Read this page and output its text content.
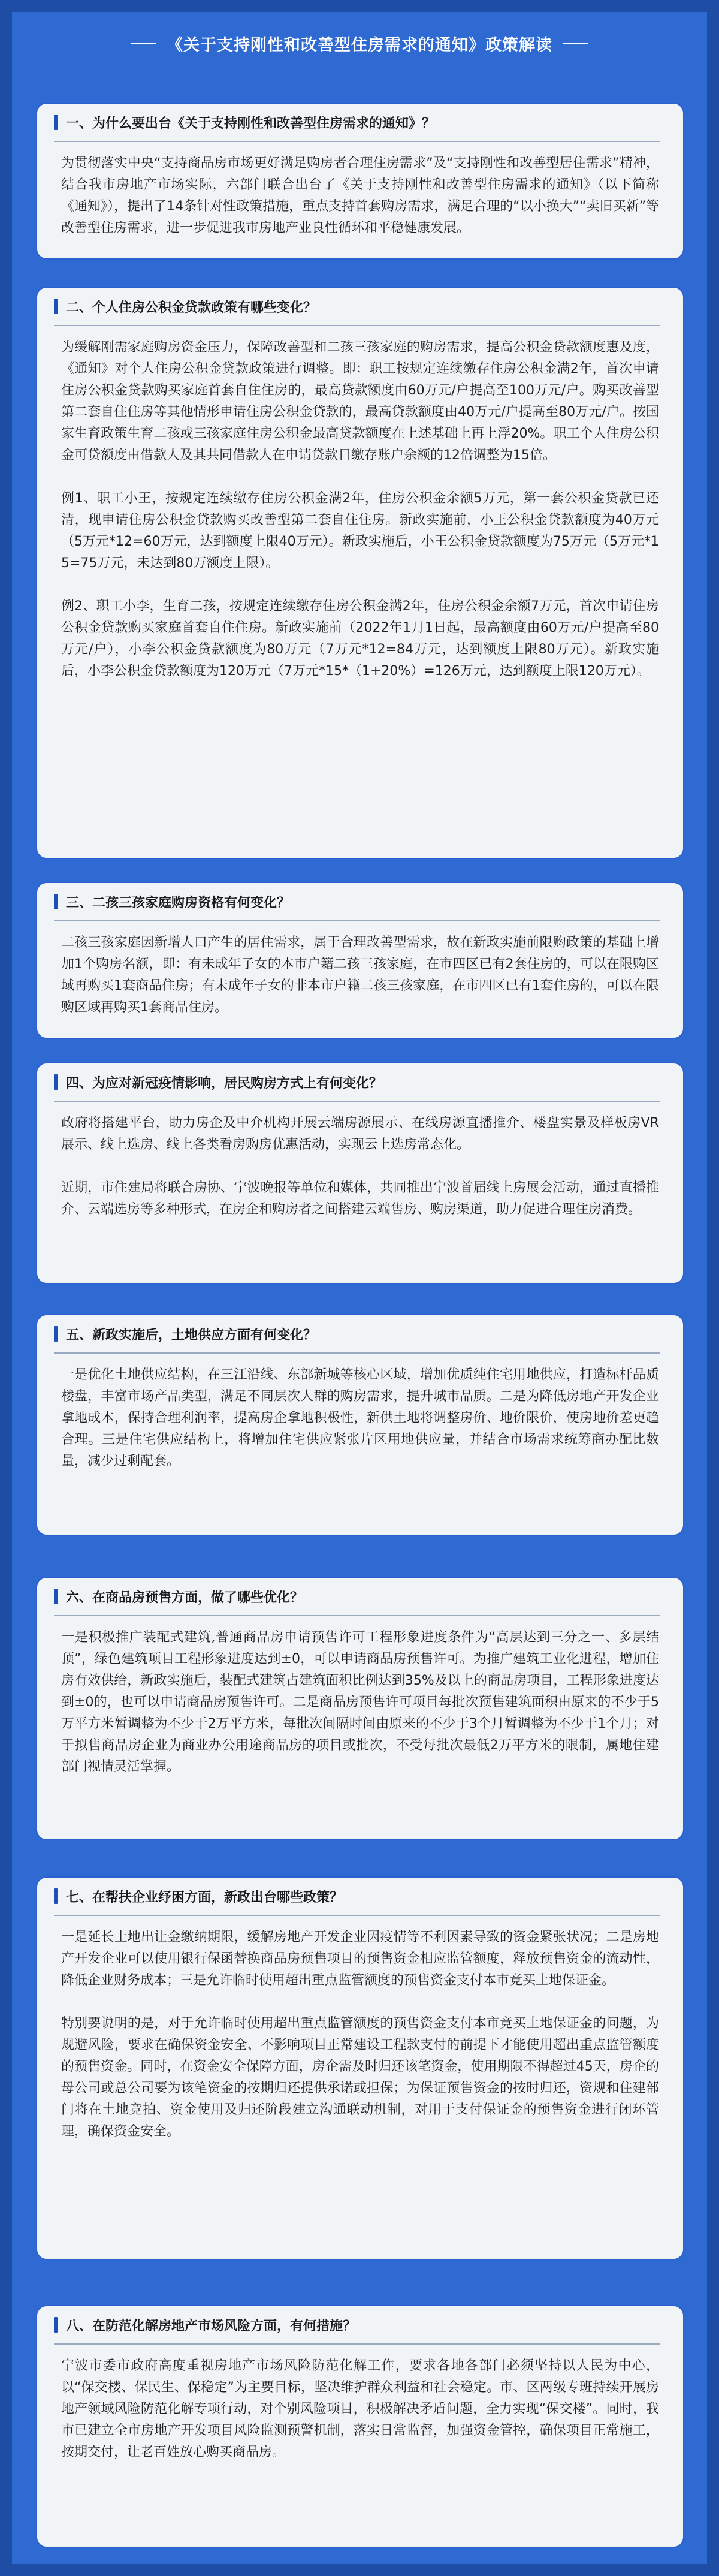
《关于支持刚性和改善型住房需求的通知》政策解读
一、为什么要出台《关于支持刚性和改善型住房需求的通知》？

为贯彻落实中央“支持商品房市场更好满足购房者合理住房需求”及“支持刚性和改善型居住需求”精神，结合我市房地产市场实际，六部门联合出台了《关于支持刚性和改善型住房需求的通知》（以下简称《通知》），提出了14条针对性政策措施，重点支持首套购房需求，满足合理的“以小换大”“卖旧买新”等改善型住房需求，进一步促进我市房地产业良性循环和平稳健康发展。

二、个人住房公积金贷款政策有哪些变化？

为缓解刚需家庭购房资金压力，保障改善型和二孩三孩家庭的购房需求，提高公积金贷款额度惠及度，《通知》对个人住房公积金贷款政策进行调整。即：职工按规定连续缴存住房公积金满2年，首次申请住房公积金贷款购买家庭首套自住住房的，最高贷款额度由60万元/户提高至100万元/户。购买改善型第二套自住住房等其他情形申请住房公积金贷款的，最高贷款额度由40万元/户提高至80万元/户。按国家生育政策生育二孩或三孩家庭住房公积金最高贷款额度在上述基础上再上浮20%。职工个人住房公积金可贷额度由借款人及其共同借款人在申请贷款日缴存账户余额的12倍调整为15倍。

例1、职工小王，按规定连续缴存住房公积金满2年，住房公积金余额5万元，第一套公积金贷款已还清，现申请住房公积金贷款购买改善型第二套自住住房。新政实施前，小王公积金贷款额度为40万元（5万元*12=60万元，达到额度上限40万元）。新政实施后，小王公积金贷款额度为75万元（5万元*15=75万元，未达到80万额度上限）。

例2、职工小李，生育二孩，按规定连续缴存住房公积金满2年，住房公积金余额7万元，首次申请住房公积金贷款购买家庭首套自住住房。新政实施前（2022年1月1日起，最高额度由60万元/户提高至80万元/户），小李公积金贷款额度为80万元（7万元*12=84万元，达到额度上限80万元）。新政实施后，小李公积金贷款额度为120万元（7万元*15*（1+20%）=126万元，达到额度上限120万元）。

三、二孩三孩家庭购房资格有何变化？

二孩三孩家庭因新增人口产生的居住需求，属于合理改善型需求，故在新政实施前限购政策的基础上增加1个购房名额，即：有未成年子女的本市户籍二孩三孩家庭，在市四区已有2套住房的，可以在限购区域再购买1套商品住房；有未成年子女的非本市户籍二孩三孩家庭，在市四区已有1套住房的，可以在限购区域再购买1套商品住房。

四、为应对新冠疫情影响，居民购房方式上有何变化？

政府将搭建平台，助力房企及中介机构开展云端房源展示、在线房源直播推介、楼盘实景及样板房VR展示、线上选房、线上各类看房购房优惠活动，实现云上选房常态化。

近期，市住建局将联合房协、宁波晚报等单位和媒体，共同推出宁波首届线上房展会活动，通过直播推介、云端选房等多种形式，在房企和购房者之间搭建云端售房、购房渠道，助力促进合理住房消费。

五、新政实施后，土地供应方面有何变化？

一是优化土地供应结构，在三江沿线、东部新城等核心区域，增加优质纯住宅用地供应，打造标杆品质楼盘，丰富市场产品类型，满足不同层次人群的购房需求，提升城市品质。二是为降低房地产开发企业拿地成本，保持合理利润率，提高房企拿地积极性，新供土地将调整房价、地价限价，使房地价差更趋合理。三是住宅供应结构上，将增加住宅供应紧张片区用地供应量，并结合市场需求统筹商办配比数量，减少过剩配套。

六、在商品房预售方面，做了哪些优化？

一是积极推广装配式建筑,普通商品房申请预售许可工程形象进度条件为“高层达到三分之一、多层结顶”，绿色建筑项目工程形象进度达到±0，可以申请商品房预售许可。为推广建筑工业化进程，增加住房有效供给，新政实施后，装配式建筑占建筑面积比例达到35%及以上的商品房项目，工程形象进度达到±0的，也可以申请商品房预售许可。二是商品房预售许可项目每批次预售建筑面积由原来的不少于5万平方米暂调整为不少于2万平方米，每批次间隔时间由原来的不少于3个月暂调整为不少于1个月；对于拟售商品房企业为商业办公用途商品房的项目或批次，不受每批次最低2万平方米的限制，属地住建部门视情灵活掌握。

七、在帮扶企业纾困方面，新政出台哪些政策？

一是延长土地出让金缴纳期限，缓解房地产开发企业因疫情等不利因素导致的资金紧张状况；二是房地产开发企业可以使用银行保函替换商品房预售项目的预售资金相应监管额度，释放预售资金的流动性，降低企业财务成本；三是允许临时使用超出重点监管额度的预售资金支付本市竞买土地保证金。

特别要说明的是，对于允许临时使用超出重点监管额度的预售资金支付本市竞买土地保证金的问题，为规避风险，要求在确保资金安全、不影响项目正常建设工程款支付的前提下才能使用超出重点监管额度的预售资金。同时，在资金安全保障方面，房企需及时归还该笔资金，使用期限不得超过45天，房企的母公司或总公司要为该笔资金的按期归还提供承诺或担保；为保证预售资金的按时归还，资规和住建部门将在土地竞拍、资金使用及归还阶段建立沟通联动机制，对用于支付保证金的预售资金进行闭环管理，确保资金安全。

八、在防范化解房地产市场风险方面，有何措施？

宁波市委市政府高度重视房地产市场风险防范化解工作，要求各地各部门必须坚持以人民为中心，以“保交楼、保民生、保稳定”为主要目标，坚决维护群众利益和社会稳定。市、区两级专班持续开展房地产领域风险防范化解专项行动，对个别风险项目，积极解决矛盾问题，全力实现“保交楼”。同时，我市已建立全市房地产开发项目风险监测预警机制，落实日常监督，加强资金管控，确保项目正常施工，按期交付，让老百姓放心购买商品房。
